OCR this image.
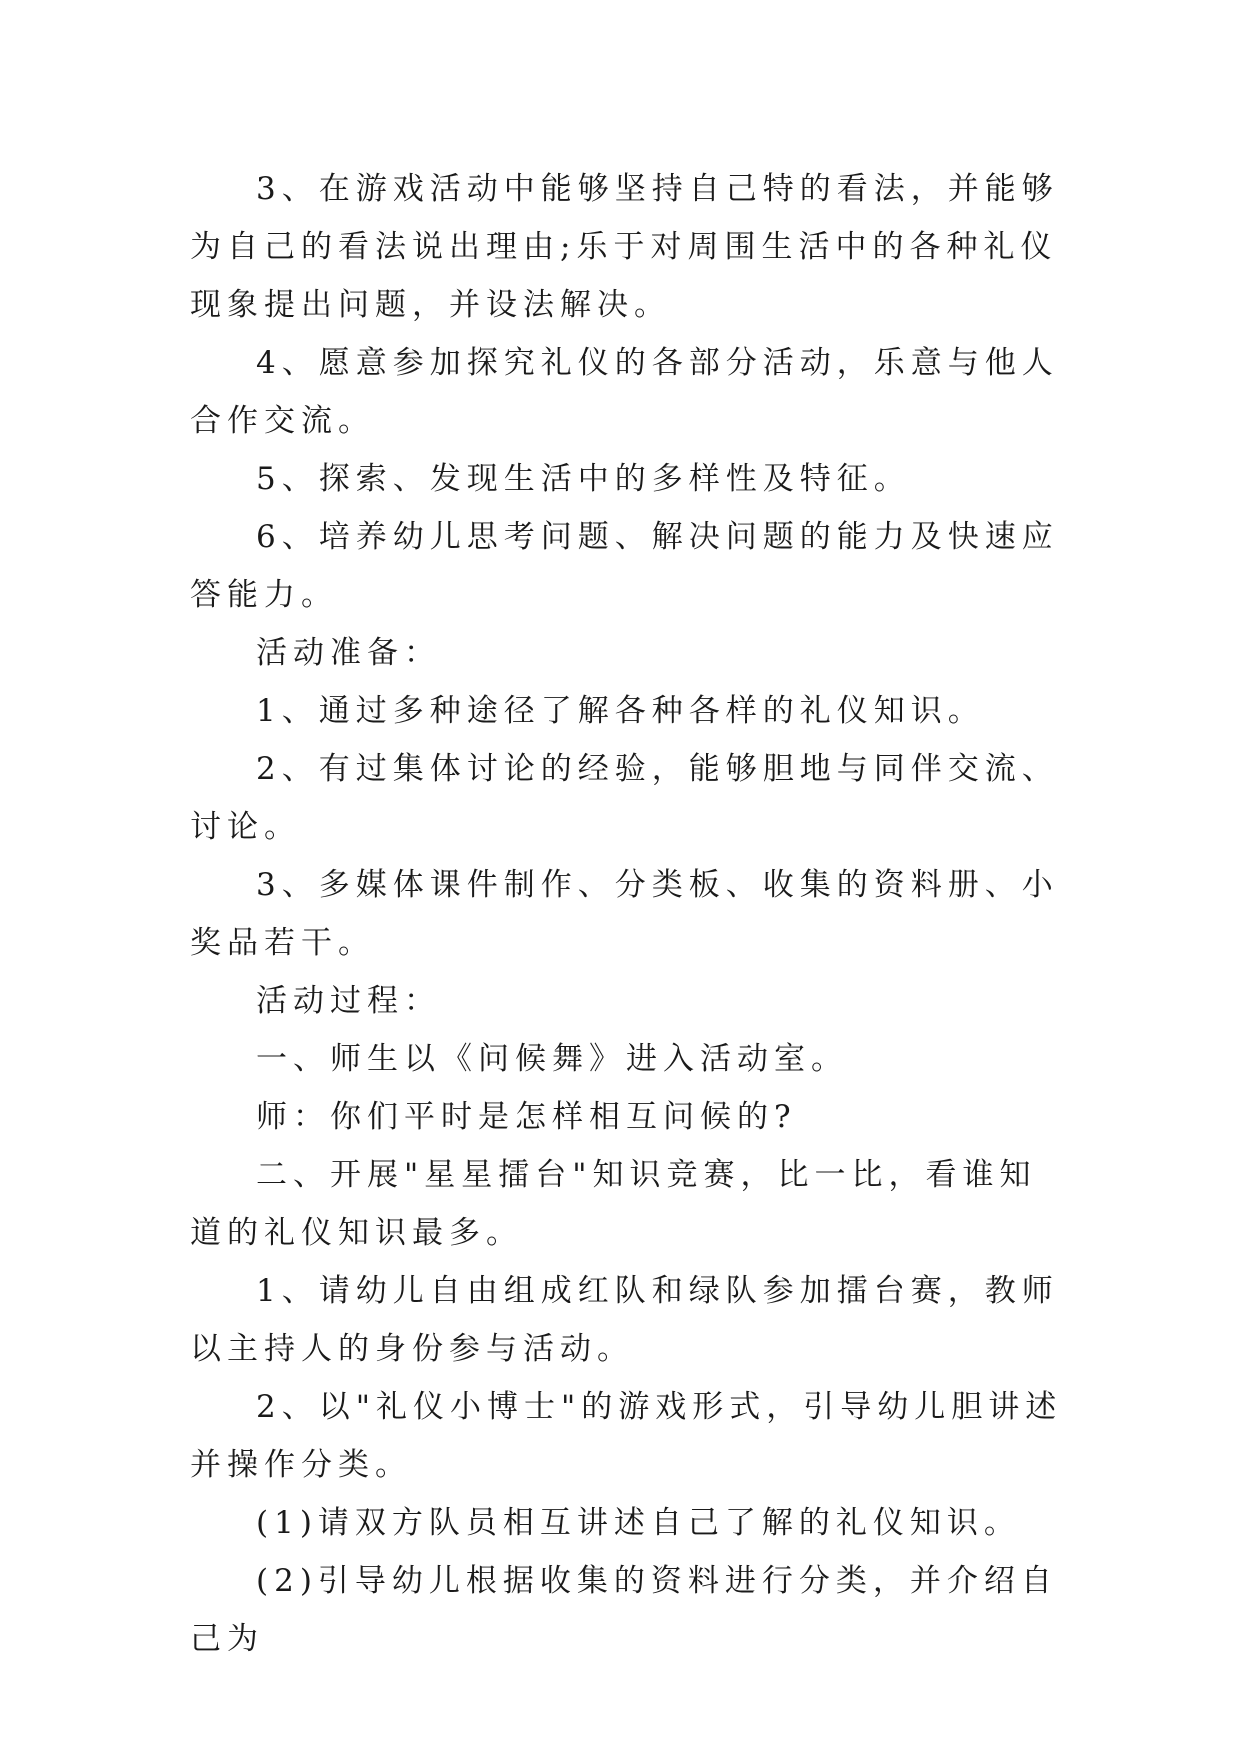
3、在游戏活动中能够坚持自己特的看法，并能够为自己的看法说出理由;乐于对周围生活中的各种礼仪现象提出问题，并设法解决。

4、愿意参加探究礼仪的各部分活动，乐意与他人合作交流。

5、探索、发现生活中的多样性及特征。

6、培养幼儿思考问题、解决问题的能力及快速应答能力。

活动准备：

1、通过多种途径了解各种各样的礼仪知识。

2、有过集体讨论的经验，能够胆地与同伴交流、讨论。

3、多媒体课件制作、分类板、收集的资料册、小奖品若干。

活动过程：

一、师生以《问候舞》进入活动室。

师：你们平时是怎样相互问候的?

二、开展"星星擂台"知识竞赛，比一比，看谁知道的礼仪知识最多。

1、请幼儿自由组成红队和绿队参加擂台赛，教师以主持人的身份参与活动。

2、以"礼仪小博士"的游戏形式，引导幼儿胆讲述并操作分类。

(1)请双方队员相互讲述自己了解的礼仪知识。

(2)引导幼儿根据收集的资料进行分类，并介绍自己为
